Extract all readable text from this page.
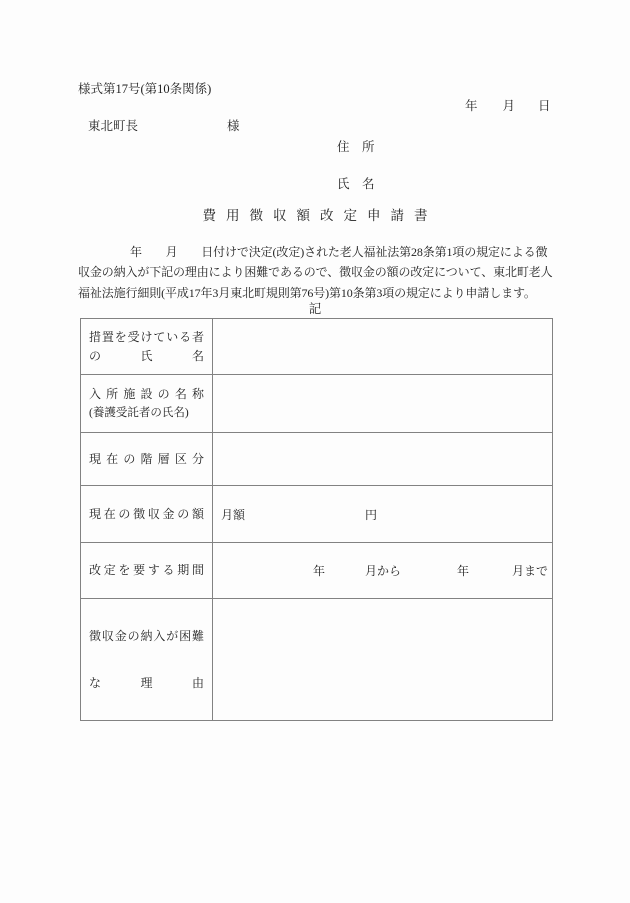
様式第17号(第10条関係)
年 月 日
東北町長	様
住　所
氏　名
費用徴収額改定申請書
年　　月　　日付けで決定(改定)された老人福祉法第28条第1項の規定による徴
収金の納入が下記の理由により困難であるので、徴収金の額の改定について、東北町老人
福祉法施行細則(平成17年3月東北町規則第76号)第10条第3項の規定により申請します。
記
措置を受けている者
の氏名	

入所施設の名称
(養護受託者の氏名)	

現在の階層区分	

現在の徴収金の額	月額 円

改定を要する期間	年 月から 年 月まで

徴収金の納入が困難
な理由	
